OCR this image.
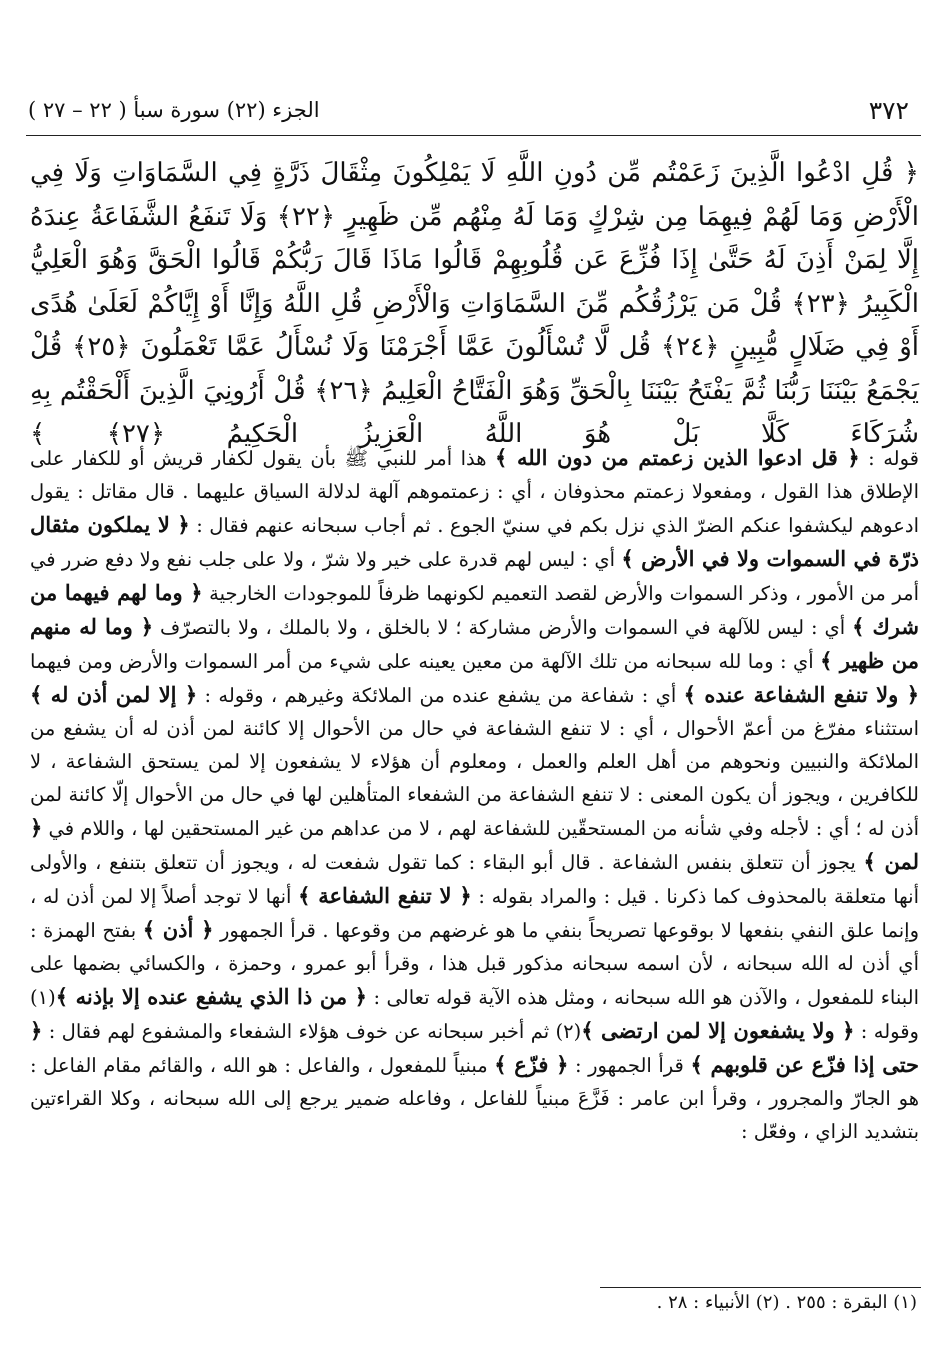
٣٧٢
الجزء (٢٢) سورة سبأ ( ٢٢ – ٢٧ )
﴿ قُلِ ادْعُوا الَّذِينَ زَعَمْتُم مِّن دُونِ اللَّهِ لَا يَمْلِكُونَ مِثْقَالَ ذَرَّةٍ فِي السَّمَاوَاتِ وَلَا فِي الْأَرْضِ وَمَا لَهُمْ فِيهِمَا مِن شِرْكٍ وَمَا لَهُ مِنْهُم مِّن ظَهِيرٍ ﴿٢٢﴾ وَلَا تَنفَعُ الشَّفَاعَةُ عِندَهُ إِلَّا لِمَنْ أَذِنَ لَهُ حَتَّىٰ إِذَا فُزِّعَ عَن قُلُوبِهِمْ قَالُوا مَاذَا قَالَ رَبُّكُمْ قَالُوا الْحَقَّ وَهُوَ الْعَلِيُّ الْكَبِيرُ ﴿٢٣﴾ قُلْ مَن يَرْزُقُكُم مِّنَ السَّمَاوَاتِ وَالْأَرْضِ قُلِ اللَّهُ وَإِنَّا أَوْ إِيَّاكُمْ لَعَلَىٰ هُدًى أَوْ فِي ضَلَالٍ مُّبِينٍ ﴿٢٤﴾ قُل لَّا تُسْأَلُونَ عَمَّا أَجْرَمْنَا وَلَا نُسْأَلُ عَمَّا تَعْمَلُونَ ﴿٢٥﴾ قُلْ يَجْمَعُ بَيْنَنَا رَبُّنَا ثُمَّ يَفْتَحُ بَيْنَنَا بِالْحَقِّ وَهُوَ الْفَتَّاحُ الْعَلِيمُ ﴿٢٦﴾ قُلْ أَرُونِيَ الَّذِينَ أَلْحَقْتُم بِهِ شُرَكَاءَ كَلَّا بَلْ هُوَ اللَّهُ الْعَزِيزُ الْحَكِيمُ ﴿٢٧﴾ ﴾

قوله : ﴿ قل ادعوا الذين زعمتم من دون الله ﴾ هذا أمر للنبي ﷺ بأن يقول لكفار قريش أو للكفار على الإطلاق هذا القول ، ومفعولا زعمتم محذوفان ، أي : زعمتموهم آلهة لدلالة السياق عليهما . قال مقاتل : يقول ادعوهم ليكشفوا عنكم الضرّ الذي نزل بكم في سنيّ الجوع . ثم أجاب سبحانه عنهم فقال : ﴿ لا يملكون مثقال ذرّة في السموات ولا في الأرض ﴾ أي : ليس لهم قدرة على خير ولا شرّ ، ولا على جلب نفع ولا دفع ضرر في أمر من الأمور ، وذكر السموات والأرض لقصد التعميم لكونهما ظرفاً للموجودات الخارجية ﴿ وما لهم فيهما من شرك ﴾ أي : ليس للآلهة في السموات والأرض مشاركة ؛ لا بالخلق ، ولا بالملك ، ولا بالتصرّف ﴿ وما له منهم من ظهير ﴾ أي : وما لله سبحانه من تلك الآلهة من معين يعينه على شيء من أمر السموات والأرض ومن فيهما ﴿ ولا تنفع الشفاعة عنده ﴾ أي : شفاعة من يشفع عنده من الملائكة وغيرهم ، وقوله : ﴿ إلا لمن أذن له ﴾ استثناء مفرّغ من أعمّ الأحوال ، أي : لا تنفع الشفاعة في حال من الأحوال إلا كائنة لمن أذن له أن يشفع من الملائكة والنبيين ونحوهم من أهل العلم والعمل ، ومعلوم أن هؤلاء لا يشفعون إلا لمن يستحق الشفاعة ، لا للكافرين ، ويجوز أن يكون المعنى : لا تنفع الشفاعة من الشفعاء المتأهلين لها في حال من الأحوال إلّا كائنة لمن أذن له ؛ أي : لأجله وفي شأنه من المستحقّين للشفاعة لهم ، لا من عداهم من غير المستحقين لها ، واللام في ﴿ لمن ﴾ يجوز أن تتعلق بنفس الشفاعة . قال أبو البقاء : كما تقول شفعت له ، ويجوز أن تتعلق بتنفع ، والأولى أنها متعلقة بالمحذوف كما ذكرنا . قيل : والمراد بقوله : ﴿ لا تنفع الشفاعة ﴾ أنها لا توجد أصلاً إلا لمن أذن له ، وإنما علق النفي بنفعها لا بوقوعها تصريحاً بنفي ما هو غرضهم من وقوعها . قرأ الجمهور ﴿ أذن ﴾ بفتح الهمزة : أي أذن له الله سبحانه ، لأن اسمه سبحانه مذكور قبل هذا ، وقرأ أبو عمرو ، وحمزة ، والكسائي بضمها على البناء للمفعول ، والآذن هو الله سبحانه ، ومثل هذه الآية قوله تعالى : ﴿ من ذا الذي يشفع عنده إلا بإذنه ﴾(١) وقوله : ﴿ ولا يشفعون إلا لمن ارتضى ﴾(٢) ثم أخبر سبحانه عن خوف هؤلاء الشفعاء والمشفوع لهم فقال : ﴿ حتى إذا فزّع عن قلوبهم ﴾ قرأ الجمهور : ﴿ فزّع ﴾ مبنياً للمفعول ، والفاعل : هو الله ، والقائم مقام الفاعل : هو الجارّ والمجرور ، وقرأ ابن عامر : فَزَّعَ مبنياً للفاعل ، وفاعله ضمير يرجع إلى الله سبحانه ، وكلا القراءتين بتشديد الزاي ، وفعّل :

(١) البقرة : ٢٥٥ . (٢) الأنبياء : ٢٨ .
